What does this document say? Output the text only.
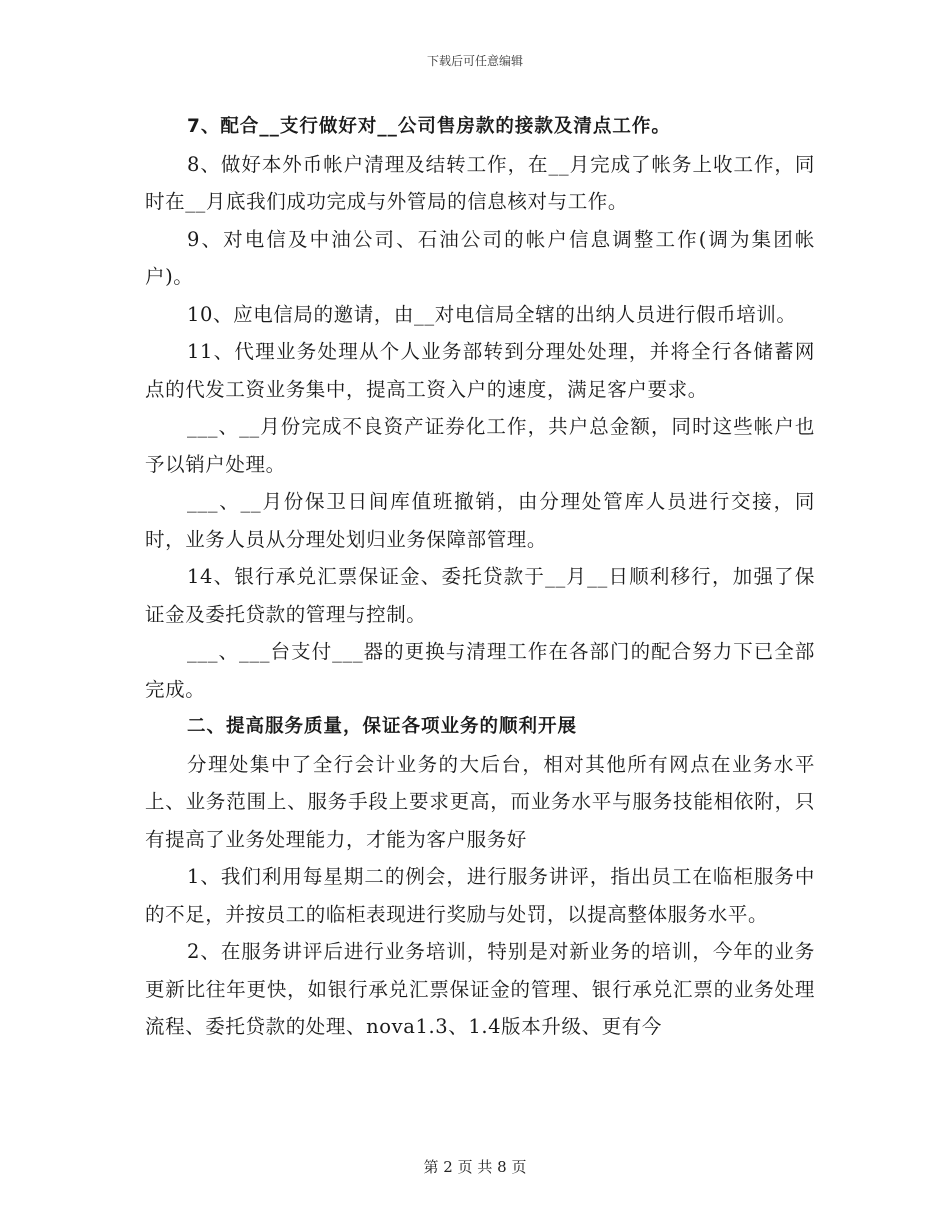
下载后可任意编辑

7、配合__支行做好对__公司售房款的接款及清点工作。

8、做好本外币帐户清理及结转工作，在__月完成了帐务上收工作，同时在__月底我们成功完成与外管局的信息核对与工作。

9、对电信及中油公司、石油公司的帐户信息调整工作(调为集团帐户)。

10、应电信局的邀请，由__对电信局全辖的出纳人员进行假币培训。

11、代理业务处理从个人业务部转到分理处处理，并将全行各储蓄网点的代发工资业务集中，提高工资入户的速度，满足客户要求。

___、__月份完成不良资产证券化工作，共户总金额，同时这些帐户也予以销户处理。

___、__月份保卫日间库值班撤销，由分理处管库人员进行交接，同时，业务人员从分理处划归业务保障部管理。

14、银行承兑汇票保证金、委托贷款于__月__日顺利移行，加强了保证金及委托贷款的管理与控制。

___、___台支付___器的更换与清理工作在各部门的配合努力下已全部完成。

二、提高服务质量，保证各项业务的顺利开展

分理处集中了全行会计业务的大后台，相对其他所有网点在业务水平上、业务范围上、服务手段上要求更高，而业务水平与服务技能相依附，只有提高了业务处理能力，才能为客户服务好

1、我们利用每星期二的例会，进行服务讲评，指出员工在临柜服务中的不足，并按员工的临柜表现进行奖励与处罚，以提高整体服务水平。

2、在服务讲评后进行业务培训，特别是对新业务的培训，今年的业务更新比往年更快，如银行承兑汇票保证金的管理、银行承兑汇票的业务处理流程、委托贷款的处理、nova1.3、1.4版本升级、更有今

第 2 页 共 8 页
